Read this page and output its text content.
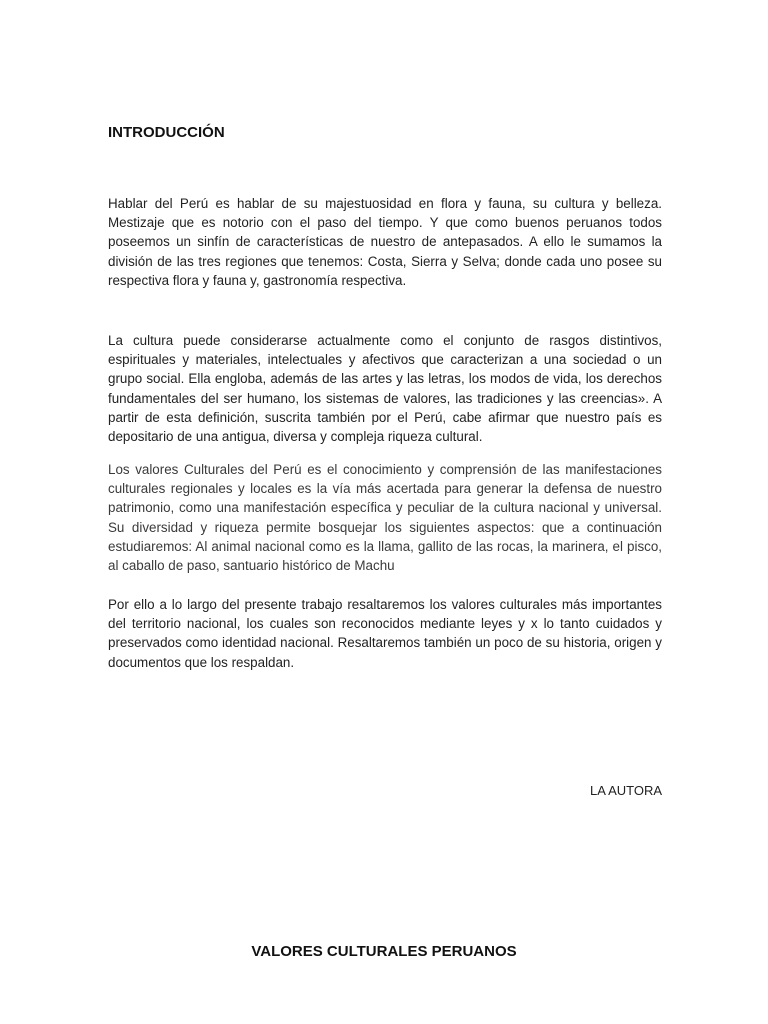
INTRODUCCIÓN

Hablar del Perú es hablar de su majestuosidad en flora y fauna, su cultura y belleza. Mestizaje que es notorio con el paso del tiempo. Y que como buenos peruanos todos poseemos un sinfín de características de nuestro de antepasados. A ello le sumamos la división de las tres regiones que tenemos: Costa, Sierra y Selva; donde cada uno posee su respectiva flora y fauna y, gastronomía respectiva.

La cultura puede considerarse actualmente como el conjunto de rasgos distintivos, espirituales y materiales, intelectuales y afectivos que caracterizan a una sociedad o un grupo social. Ella engloba, además de las artes y las letras, los modos de vida, los derechos fundamentales del ser humano, los sistemas de valores, las tradiciones y las creencias». A partir de esta definición, suscrita también por el Perú, cabe afirmar que nuestro país es depositario de una antigua, diversa y compleja riqueza cultural.

Los valores Culturales del Perú es el conocimiento y comprensión de las manifestaciones culturales regionales y locales es la vía más acertada para generar la defensa de nuestro patrimonio, como una manifestación específica y peculiar de la cultura nacional y universal. Su diversidad y riqueza permite bosquejar los siguientes aspectos: que a continuación estudiaremos: Al animal nacional como es la llama, gallito de las rocas, la marinera, el pisco, al caballo de paso, santuario histórico de Machu

Por ello a lo largo del presente trabajo resaltaremos los valores culturales más importantes del territorio nacional, los cuales son reconocidos mediante leyes y x lo tanto cuidados y preservados como identidad nacional. Resaltaremos también un poco de su historia, origen y documentos que los respaldan.

LA AUTORA

VALORES CULTURALES PERUANOS
